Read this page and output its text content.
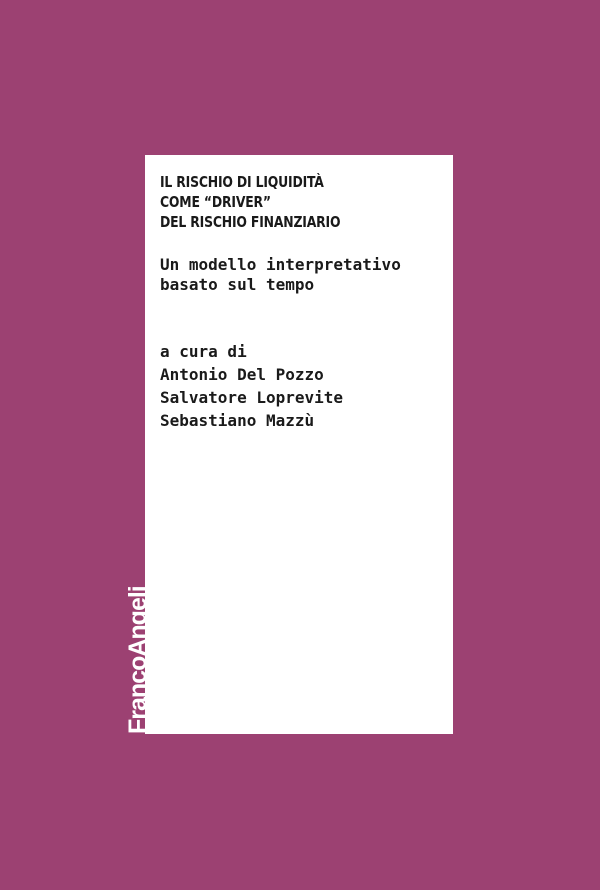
IL RISCHIO DI LIQUIDITÀ
COME “DRIVER”
DEL RISCHIO FINANZIARIO
Un modello interpretativo
basato sul tempo
a cura di
Antonio Del Pozzo
Salvatore Loprevite
Sebastiano Mazzù
FrancoAngeli
